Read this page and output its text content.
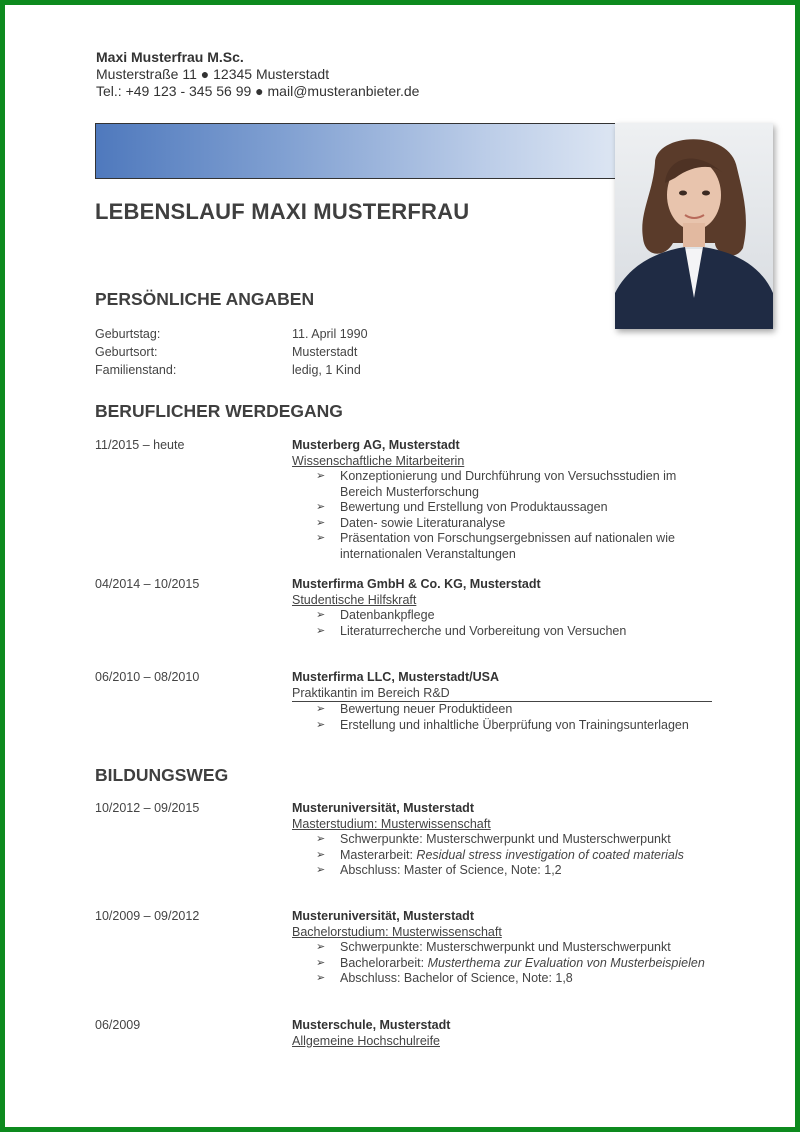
Maxi Musterfrau M.Sc.
Musterstraße 11 ● 12345 Musterstadt
Tel.: +49 123 - 345 56 99 ● mail@musteranbieter.de
LEBENSLAUF MAXI MUSTERFRAU
PERSÖNLICHE ANGABEN
Geburtstag:	11. April 1990
Geburtsort:	Musterstadt
Familienstand:	ledig, 1 Kind
BERUFLICHER WERDEGANG
11/2015 – heute	Musterberg AG, Musterstadt
Wissenschaftliche Mitarbeiterin
➢ Konzeptionierung und Durchführung von Versuchsstudien im Bereich Musterforschung
➢ Bewertung und Erstellung von Produktaussagen
➢ Daten- sowie Literaturanalyse
➢ Präsentation von Forschungsergebnissen auf nationalen wie internationalen Veranstaltungen
04/2014 – 10/2015	Musterfirma GmbH & Co. KG, Musterstadt
Studentische Hilfskraft
➢ Datenbankpflege
➢ Literaturrecherche und Vorbereitung von Versuchen
06/2010 – 08/2010	Musterfirma LLC, Musterstadt/USA
Praktikantin im Bereich R&D
➢ Bewertung neuer Produktideen
➢ Erstellung und inhaltliche Überprüfung von Trainingsunterlagen
BILDUNGSWEG
10/2012 – 09/2015	Musteruniversität, Musterstadt
Masterstudium: Musterwissenschaft
➢ Schwerpunkte: Musterschwerpunkt und Musterschwerpunkt
➢ Masterarbeit: Residual stress investigation of coated materials
➢ Abschluss: Master of Science, Note: 1,2
10/2009 – 09/2012	Musteruniversität, Musterstadt
Bachelorstudium: Musterwissenschaft
➢ Schwerpunkte: Musterschwerpunkt und Musterschwerpunkt
➢ Bachelorarbeit: Musterthema zur Evaluation von Musterbeispielen
➢ Abschluss: Bachelor of Science, Note: 1,8
06/2009	Musterschule, Musterstadt
Allgemeine Hochschulreife
